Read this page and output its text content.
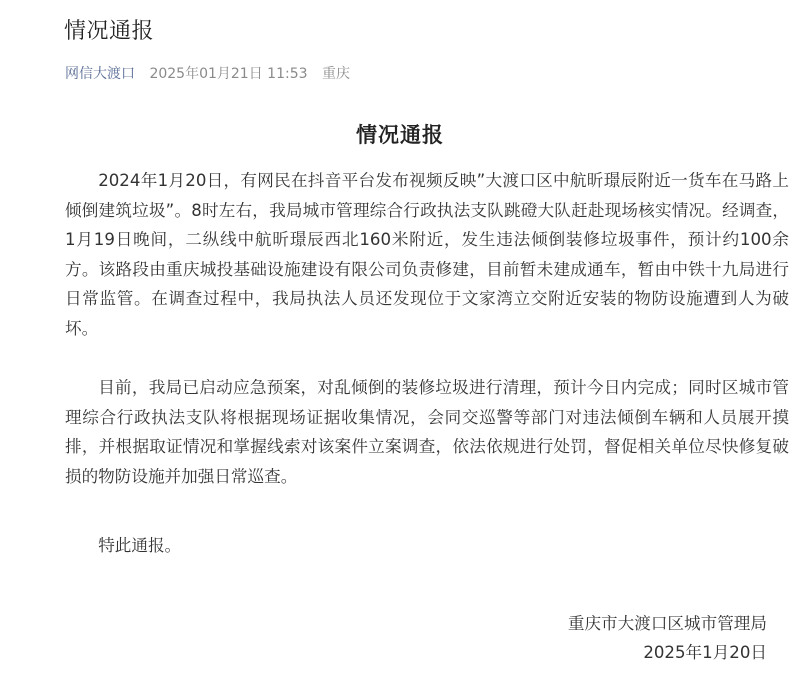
情况通报
网信大渡口 2025年01月21日 11:53 重庆
情况通报

2024年1月20日，有网民在抖音平台发布视频反映”大渡口区中航昕璟辰附近一货车在马路上倾倒建筑垃圾”。8时左右，我局城市管理综合行政执法支队跳磴大队赶赴现场核实情况。经调查，1月19日晚间，二纵线中航昕璟辰西北160米附近，发生违法倾倒装修垃圾事件，预计约100余方。该路段由重庆城投基础设施建设有限公司负责修建，目前暂未建成通车，暂由中铁十九局进行日常监管。在调查过程中，我局执法人员还发现位于文家湾立交附近安装的物防设施遭到人为破坏。

目前，我局已启动应急预案，对乱倾倒的装修垃圾进行清理，预计今日内完成；同时区城市管理综合行政执法支队将根据现场证据收集情况，会同交巡警等部门对违法倾倒车辆和人员展开摸排，并根据取证情况和掌握线索对该案件立案调查，依法依规进行处罚，督促相关单位尽快修复破损的物防设施并加强日常巡查。

特此通报。

重庆市大渡口区城市管理局
2025年1月20日
